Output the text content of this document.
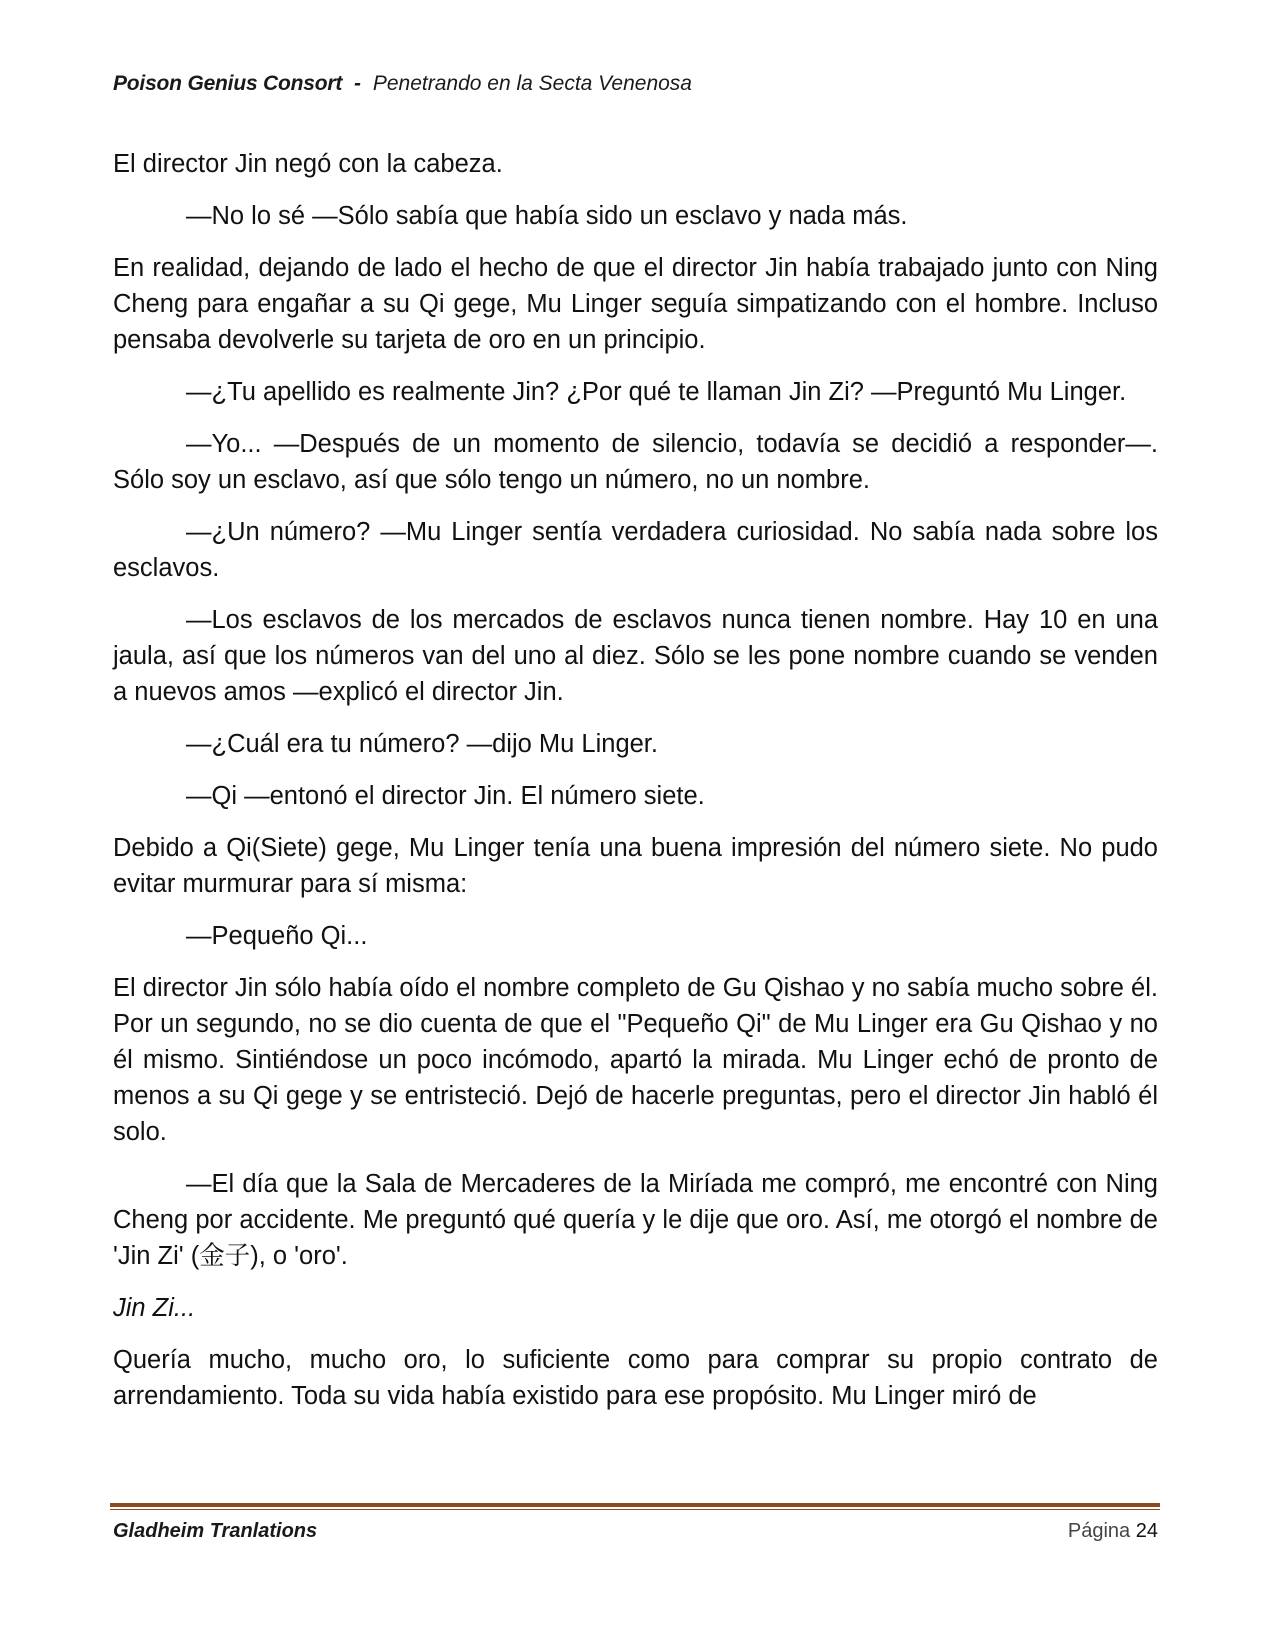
Poison Genius Consort - Penetrando en la Secta Venenosa

El director Jin negó con la cabeza.

—No lo sé —Sólo sabía que había sido un esclavo y nada más.

En realidad, dejando de lado el hecho de que el director Jin había trabajado junto con Ning Cheng para engañar a su Qi gege, Mu Linger seguía simpatizando con el hombre. Incluso pensaba devolverle su tarjeta de oro en un principio.

—¿Tu apellido es realmente Jin? ¿Por qué te llaman Jin Zi? —Preguntó Mu Linger.

—Yo... —Después de un momento de silencio, todavía se decidió a responder—. Sólo soy un esclavo, así que sólo tengo un número, no un nombre.

—¿Un número? —Mu Linger sentía verdadera curiosidad. No sabía nada sobre los esclavos.

—Los esclavos de los mercados de esclavos nunca tienen nombre. Hay 10 en una jaula, así que los números van del uno al diez. Sólo se les pone nombre cuando se venden a nuevos amos —explicó el director Jin.

—¿Cuál era tu número? —dijo Mu Linger.

—Qi —entonó el director Jin. El número siete.

Debido a Qi(Siete) gege, Mu Linger tenía una buena impresión del número siete. No pudo evitar murmurar para sí misma:

—Pequeño Qi...

El director Jin sólo había oído el nombre completo de Gu Qishao y no sabía mucho sobre él. Por un segundo, no se dio cuenta de que el "Pequeño Qi" de Mu Linger era Gu Qishao y no él mismo. Sintiéndose un poco incómodo, apartó la mirada. Mu Linger echó de pronto de menos a su Qi gege y se entristeció. Dejó de hacerle preguntas, pero el director Jin habló él solo.

—El día que la Sala de Mercaderes de la Miríada me compró, me encontré con Ning Cheng por accidente. Me preguntó qué quería y le dije que oro. Así, me otorgó el nombre de 'Jin Zi' (金子), o 'oro'.

Jin Zi...

Quería mucho, mucho oro, lo suficiente como para comprar su propio contrato de arrendamiento. Toda su vida había existido para ese propósito. Mu Linger miró de

Gladheim Tranlations	Página 24
